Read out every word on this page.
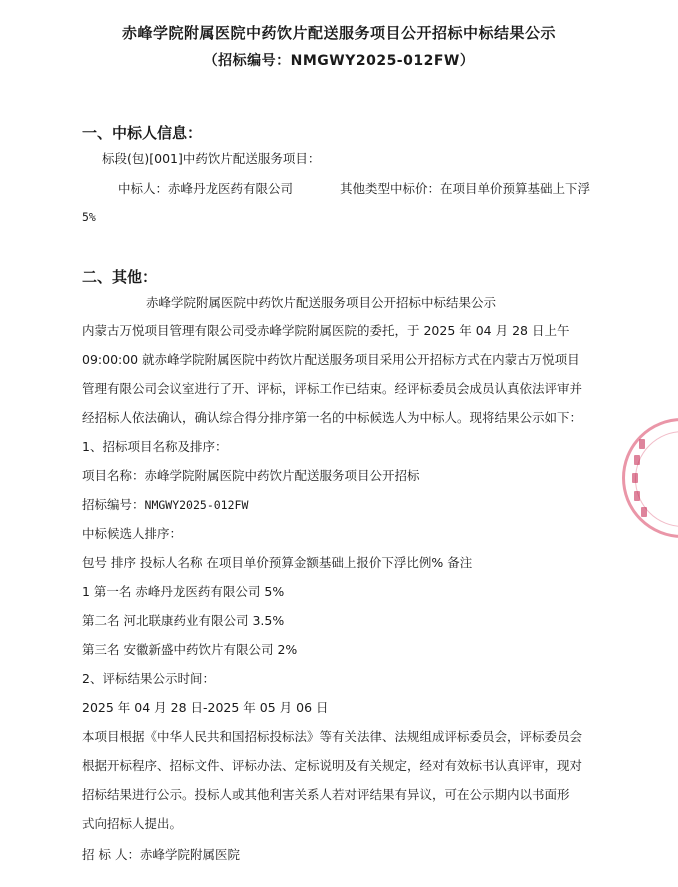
赤峰学院附属医院中药饮片配送服务项目公开招标中标结果公示
（招标编号：NMGWY2025-012FW）
一、中标人信息：
标段(包)[001]中药饮片配送服务项目：
中标人：赤峰丹龙医药有限公司	其他类型中标价：在项目单价预算基础上下浮
5%
二、其他：
赤峰学院附属医院中药饮片配送服务项目公开招标中标结果公示
内蒙古万悦项目管理有限公司受赤峰学院附属医院的委托，于 2025 年 04 月 28 日上午
09:00:00 就赤峰学院附属医院中药饮片配送服务项目采用公开招标方式在内蒙古万悦项目
管理有限公司会议室进行了开、评标，评标工作已结束。经评标委员会成员认真依法评审并
经招标人依法确认，确认综合得分排序第一名的中标候选人为中标人。现将结果公示如下：
1、招标项目名称及排序：
项目名称：赤峰学院附属医院中药饮片配送服务项目公开招标
招标编号：NMGWY2025-012FW
中标候选人排序：
包号 排序 投标人名称 在项目单价预算金额基础上报价下浮比例% 备注
1 第一名 赤峰丹龙医药有限公司 5%
第二名 河北联康药业有限公司 3.5%
第三名 安徽新盛中药饮片有限公司 2%
2、评标结果公示时间：
2025 年 04 月 28 日-2025 年 05 月 06 日
本项目根据《中华人民共和国招标投标法》等有关法律、法规组成评标委员会，评标委员会
根据开标程序、招标文件、评标办法、定标说明及有关规定，经对有效标书认真评审，现对
招标结果进行公示。投标人或其他利害关系人若对评结果有异议，可在公示期内以书面形
式向招标人提出。
招 标 人：赤峰学院附属医院
